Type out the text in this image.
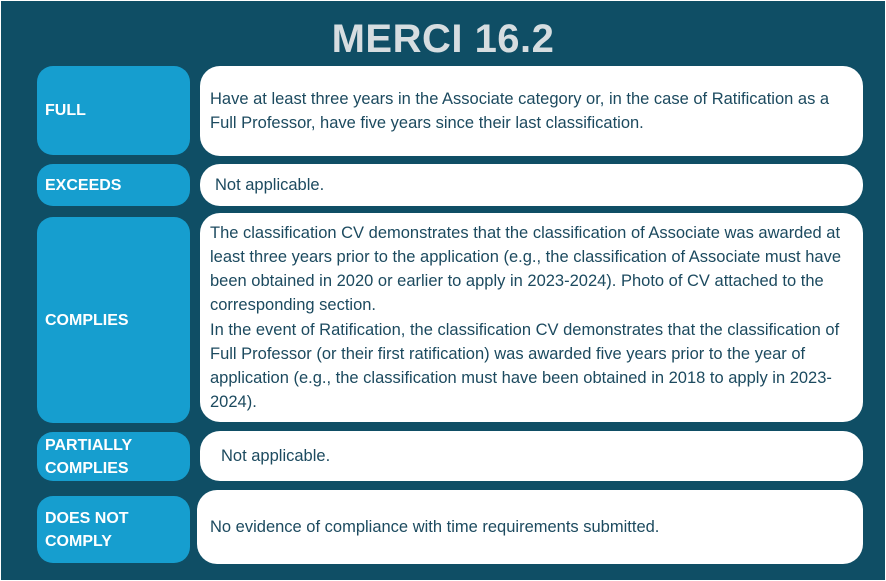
MERCI 16.2
FULL

Have at least three years in the Associate category or, in the case of Ratification as a Full Professor, have five years since their last classification.

EXCEEDS	Not applicable.

COMPLIES

The classification CV demonstrates that the classification of Associate was awarded at least three years prior to the application (e.g., the classification of Associate must have been obtained in 2020 or earlier to apply in 2023-2024). Photo of CV attached to the corresponding section.

In the event of Ratification, the classification CV demonstrates that the classification of Full Professor (or their first ratification) was awarded five years prior to the year of application (e.g., the classification must have been obtained in 2018 to apply in 2023-2024).

PARTIALLY COMPLIES

Not applicable.

DOES NOT COMPLY

No evidence of compliance with time requirements submitted.
